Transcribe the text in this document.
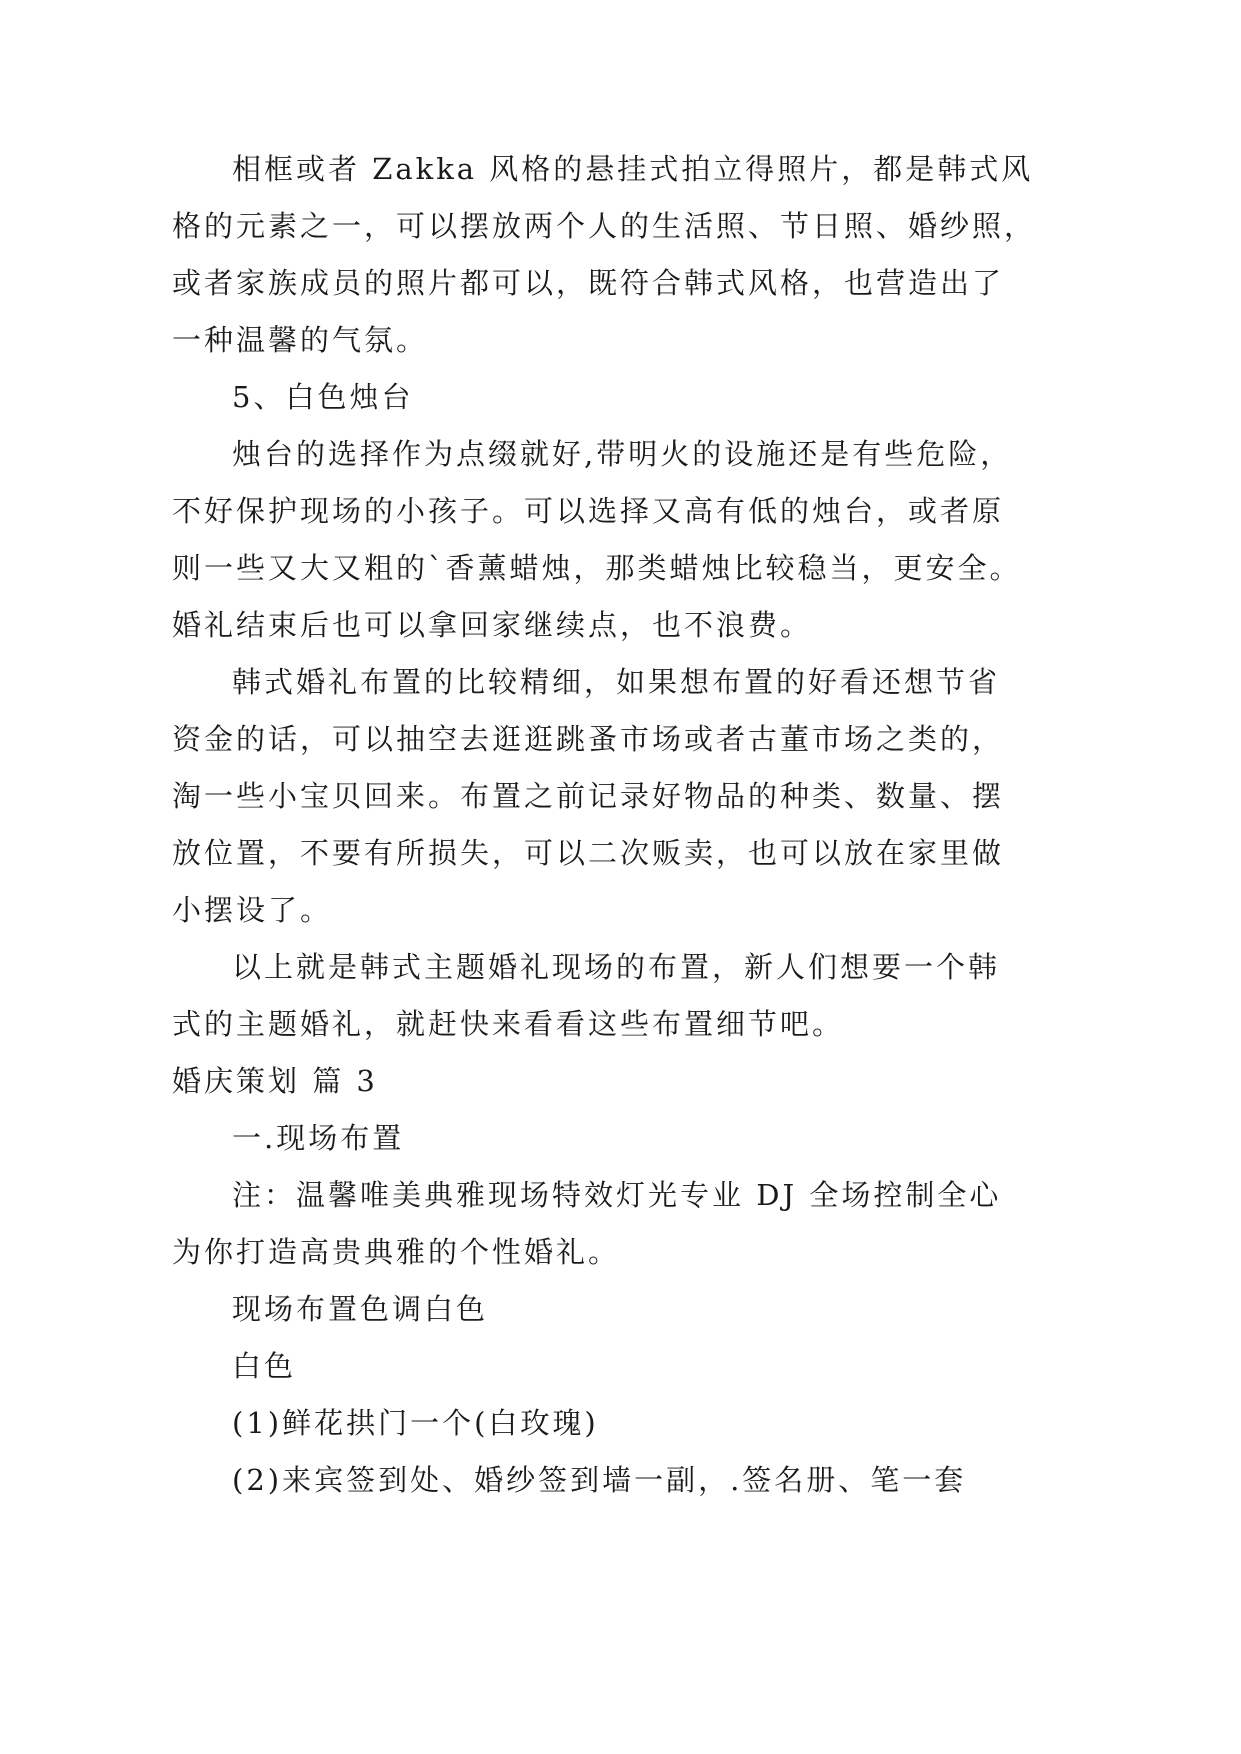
相框或者 Zakka 风格的悬挂式拍立得照片，都是韩式风
格的元素之一，可以摆放两个人的生活照、节日照、婚纱照，
或者家族成员的照片都可以，既符合韩式风格，也营造出了
一种温馨的气氛。
5、白色烛台
烛台的选择作为点缀就好,带明火的设施还是有些危险，
不好保护现场的小孩子。可以选择又高有低的烛台，或者原
则一些又大又粗的`香薰蜡烛，那类蜡烛比较稳当，更安全。
婚礼结束后也可以拿回家继续点，也不浪费。
韩式婚礼布置的比较精细，如果想布置的好看还想节省
资金的话，可以抽空去逛逛跳蚤市场或者古董市场之类的，
淘一些小宝贝回来。布置之前记录好物品的种类、数量、摆
放位置，不要有所损失，可以二次贩卖，也可以放在家里做
小摆设了。
以上就是韩式主题婚礼现场的布置，新人们想要一个韩
式的主题婚礼，就赶快来看看这些布置细节吧。
婚庆策划 篇 3
一.现场布置
注：温馨唯美典雅现场特效灯光专业 DJ 全场控制全心
为你打造高贵典雅的个性婚礼。
现场布置色调白色
白色
(1)鲜花拱门一个(白玫瑰)
(2)来宾签到处、婚纱签到墙一副，.签名册、笔一套
